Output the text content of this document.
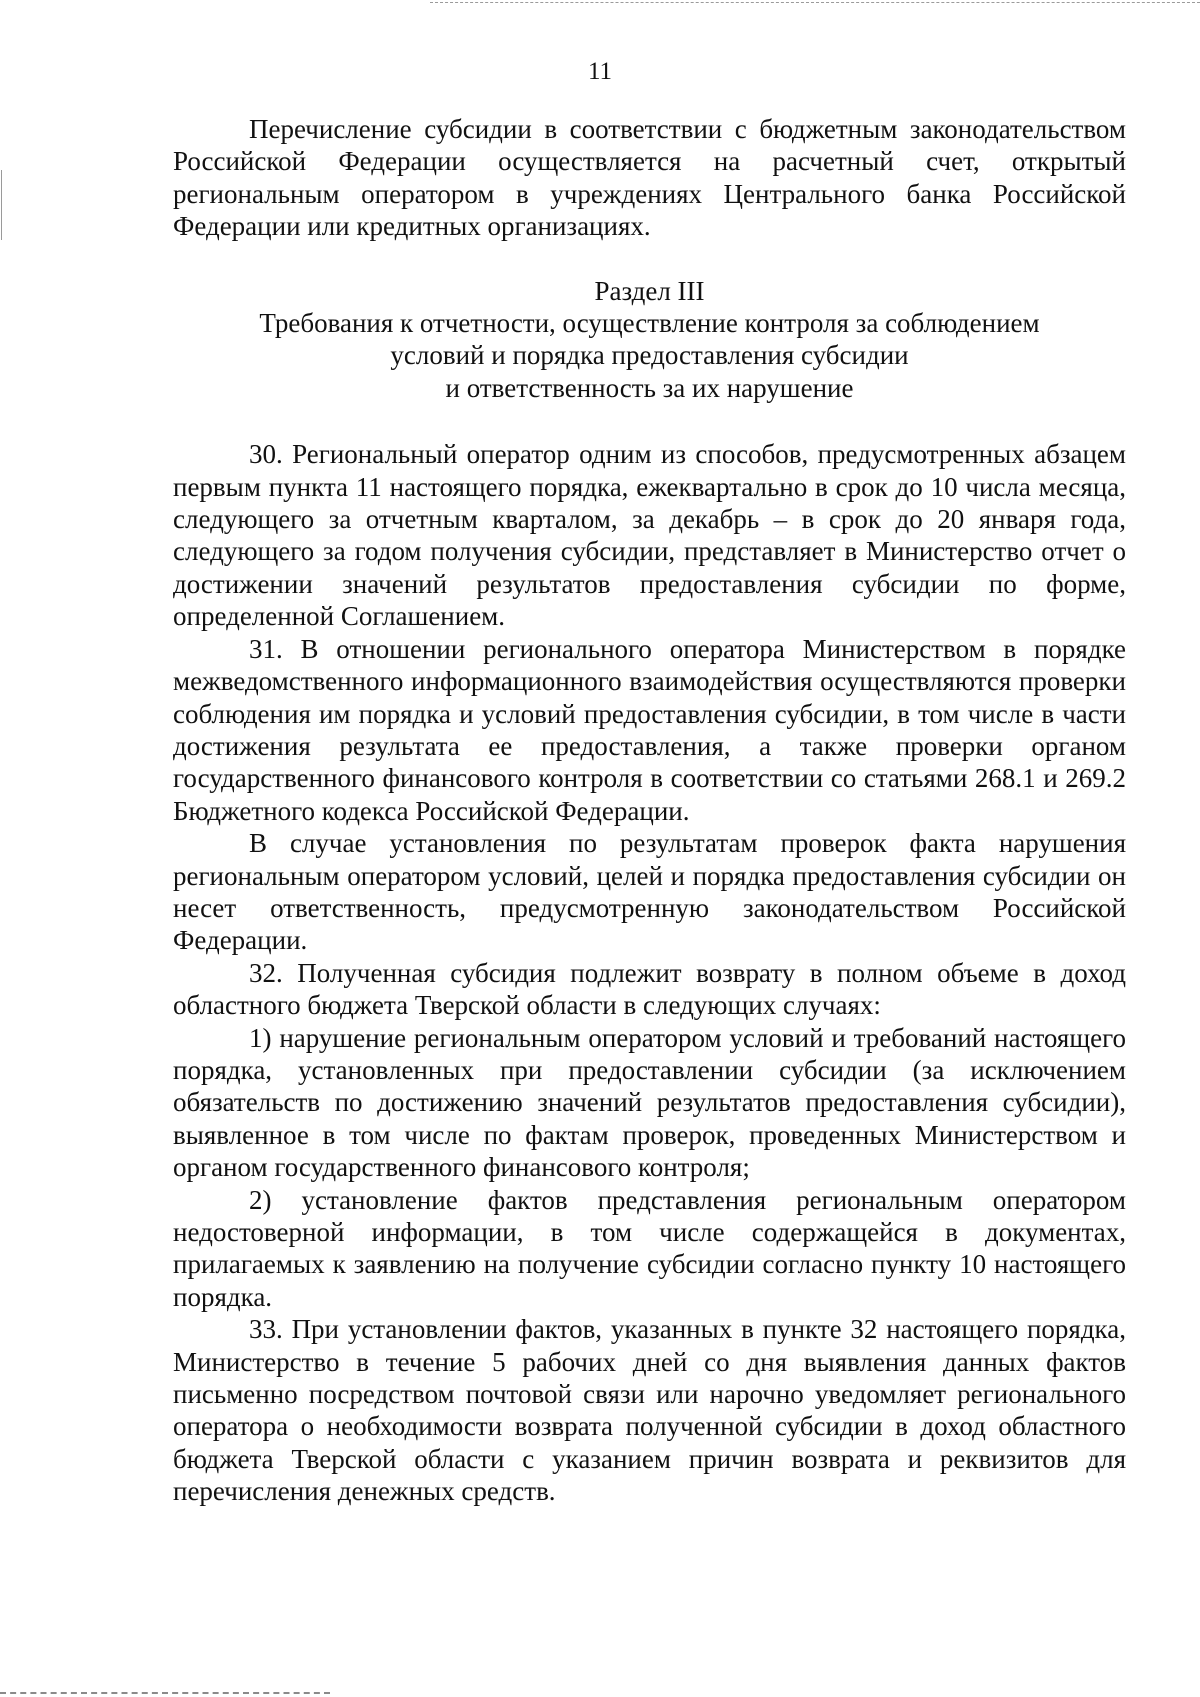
11

Перечисление субсидии в соответствии с бюджетным законодательством Российской Федерации осуществляется на расчетный счет, открытый региональным оператором в учреждениях Центрального банка Российской Федерации или кредитных организациях.

Раздел III
Требования к отчетности, осуществление контроля за соблюдением
условий и порядка предоставления субсидии
и ответственность за их нарушение

30. Региональный оператор одним из способов, предусмотренных абзацем первым пункта 11 настоящего порядка, ежеквартально в срок до 10 числа месяца, следующего за отчетным кварталом, за декабрь – в срок до 20 января года, следующего за годом получения субсидии, представляет в Министерство отчет о достижении значений результатов предоставления субсидии по форме, определенной Соглашением.

31. В отношении регионального оператора Министерством в порядке межведомственного информационного взаимодействия осуществляются проверки соблюдения им порядка и условий предоставления субсидии, в том числе в части достижения результата ее предоставления, а также проверки органом государственного финансового контроля в соответствии со статьями 268.1 и 269.2 Бюджетного кодекса Российской Федерации.

В случае установления по результатам проверок факта нарушения региональным оператором условий, целей и порядка предоставления субсидии он несет ответственность, предусмотренную законодательством Российской Федерации.

32. Полученная субсидия подлежит возврату в полном объеме в доход областного бюджета Тверской области в следующих случаях:

1) нарушение региональным оператором условий и требований настоящего порядка, установленных при предоставлении субсидии (за исключением обязательств по достижению значений результатов предоставления субсидии), выявленное в том числе по фактам проверок, проведенных Министерством и органом государственного финансового контроля;

2) установление фактов представления региональным оператором недостоверной информации, в том числе содержащейся в документах, прилагаемых к заявлению на получение субсидии согласно пункту 10 настоящего порядка.

33. При установлении фактов, указанных в пункте 32 настоящего порядка, Министерство в течение 5 рабочих дней со дня выявления данных фактов письменно посредством почтовой связи или нарочно уведомляет регионального оператора о необходимости возврата полученной субсидии в доход областного бюджета Тверской области с указанием причин возврата и реквизитов для перечисления денежных средств.
